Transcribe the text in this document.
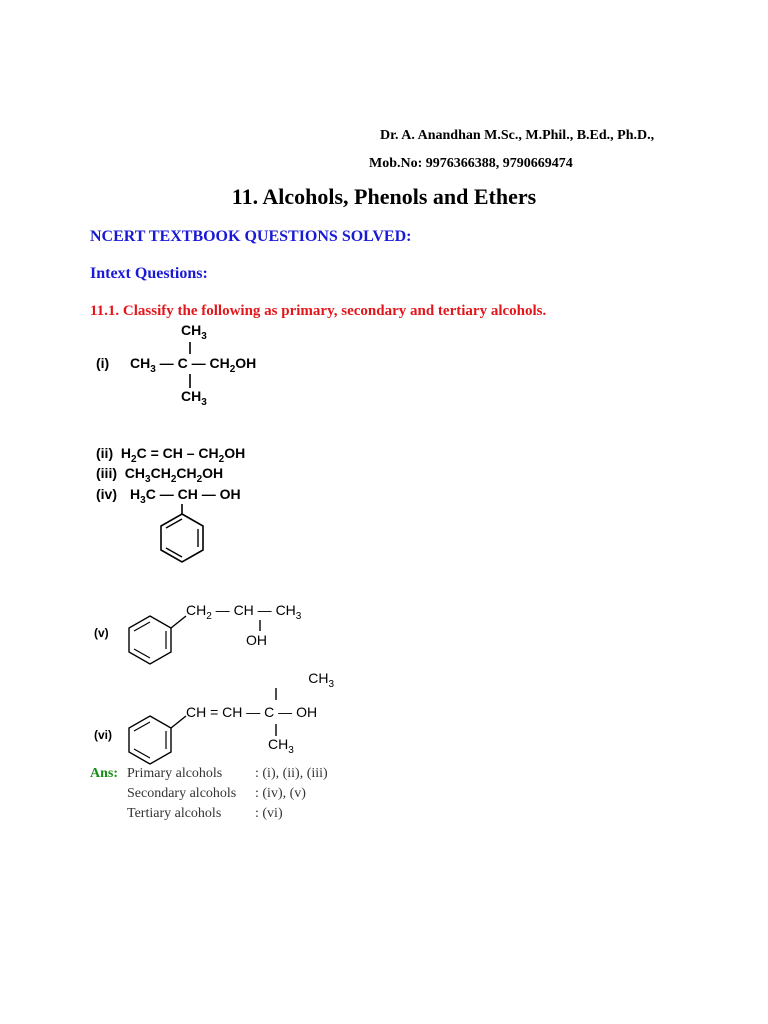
Dr. A. Anandhan M.Sc., M.Phil., B.Ed., Ph.D.,
Mob.No: 9976366388, 9790669474
11. Alcohols, Phenols and Ethers
NCERT TEXTBOOK QUESTIONS SOLVED:
Intext Questions:
11.1. Classify the following as primary, secondary and tertiary alcohols.
(i)
$CH_3$
$CH_3$ — C — $CH_2OH$
$CH_3$
(ii)  $H_2C$ = CH – $CH_2OH$
(iii)  $CH_3CH_2CH_2OH$
(iv) $H_3C$ — CH — OH
(v)
$CH_2$ — CH — $CH_3$
OH
(vi)
$CH_3$
CH = CH — C — OH
$CH_3$
Ans: Primary alcohols : (i), (ii), (iii)
Secondary alcohols : (iv), (v)
Tertiary alcohols : (vi)
